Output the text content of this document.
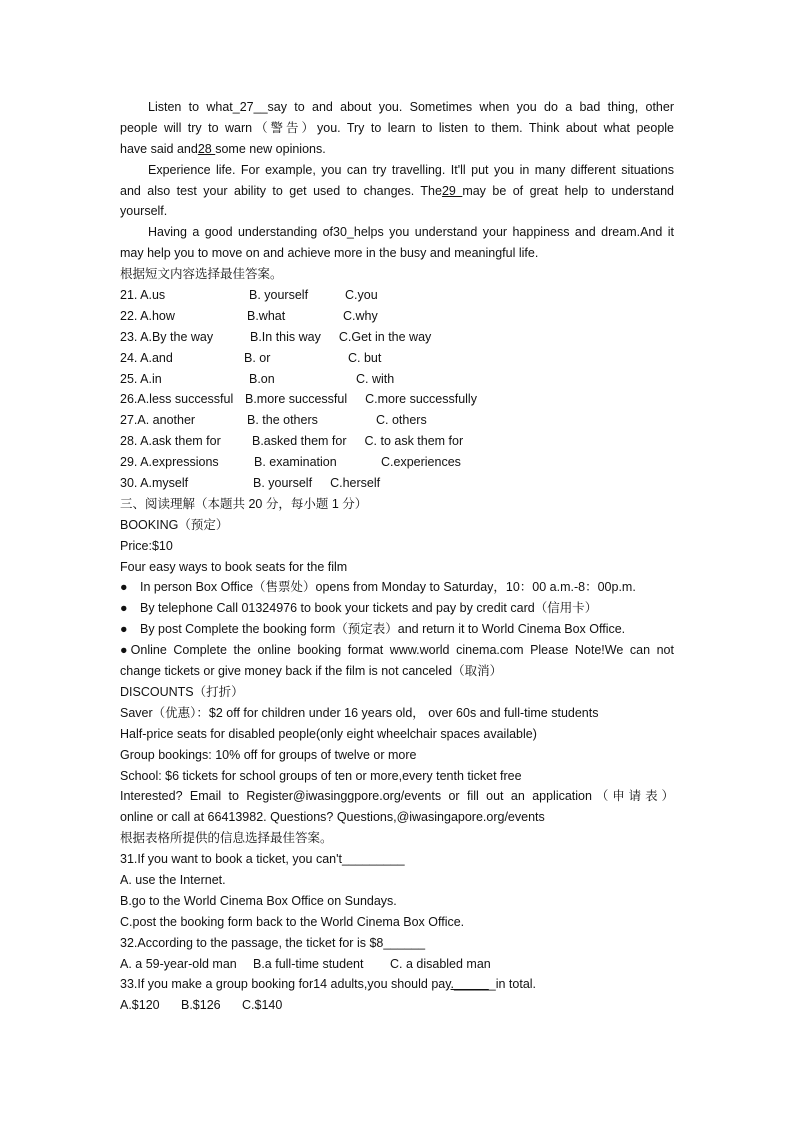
Listen to what_27__say to and about you. Sometimes when you do a bad thing, other
people will try to warn（警告）you. Try to learn to listen to them. Think about what people
have said and28 some new opinions.
Experience life. For example, you can try travelling. It'll put you in many different situations
and also test your ability to get used to changes. The29 may be of great help to understand
yourself.
Having a good understanding of30_helps you understand your happiness and dream.And it
may help you to move on and achieve more in the busy and meaningful life.
根据短文内容选择最佳答案。
21. A.us	B. yourself	C.you
22. A.how	B.what	C.why
23. A.By the way	B.In this way C.Get in the way
24. A.and	B. or	C. but
25. A.in	B.on	C. with
26.A.less successful B.more successful C.more successfully
27.A. another	B. the others	C. others
28. A.ask them for	B.asked them for C. to ask them for
29. A.expressions	B. examination	C.experiences
30. A.myself	B. yourself C.herself
三、阅读理解（本题共 20 分，每小题 1 分）
BOOKING（预定）
Price:$10
Four easy ways to book seats for the film
● In person Box Office（售票处）opens from Monday to Saturday，10：00 a.m.-8：00p.m.
● By telephone Call 01324976 to book your tickets and pay by credit card（信用卡）
● By post Complete the booking form（预定表）and return it to World Cinema Box Office.
●Online Complete the online booking format www.world cinema.com Please Note!We can not
change tickets or give money back if the film is not canceled（取消）
DISCOUNTS（打折）
Saver（优惠）：$2 off for children under 16 years old， over 60s and full-time students
Half-price seats for disabled people(only eight wheelchair spaces available)
Group bookings: 10% off for groups of twelve or more
School: $6 tickets for school groups of ten or more,every tenth ticket free
Interested? Email to Register@iwasinggpore.org/events or fill out an application（申请表）
online or call at 66413982. Questions? Questions,@iwasingapore.org/events
根据表格所提供的信息选择最佳答案。
31.If you want to book a ticket, you can't_________
A. use the Internet.
B.go to the World Cinema Box Office on Sundays.
C.post the booking form back to the World Cinema Box Office.
32.According to the passage, the ticket for is $8______
A. a 59-year-old man B.a full-time student C. a disabled man
33.If you make a group booking for14 adults,you should pay.______in total.
A.$120 B.$126 C.$140
